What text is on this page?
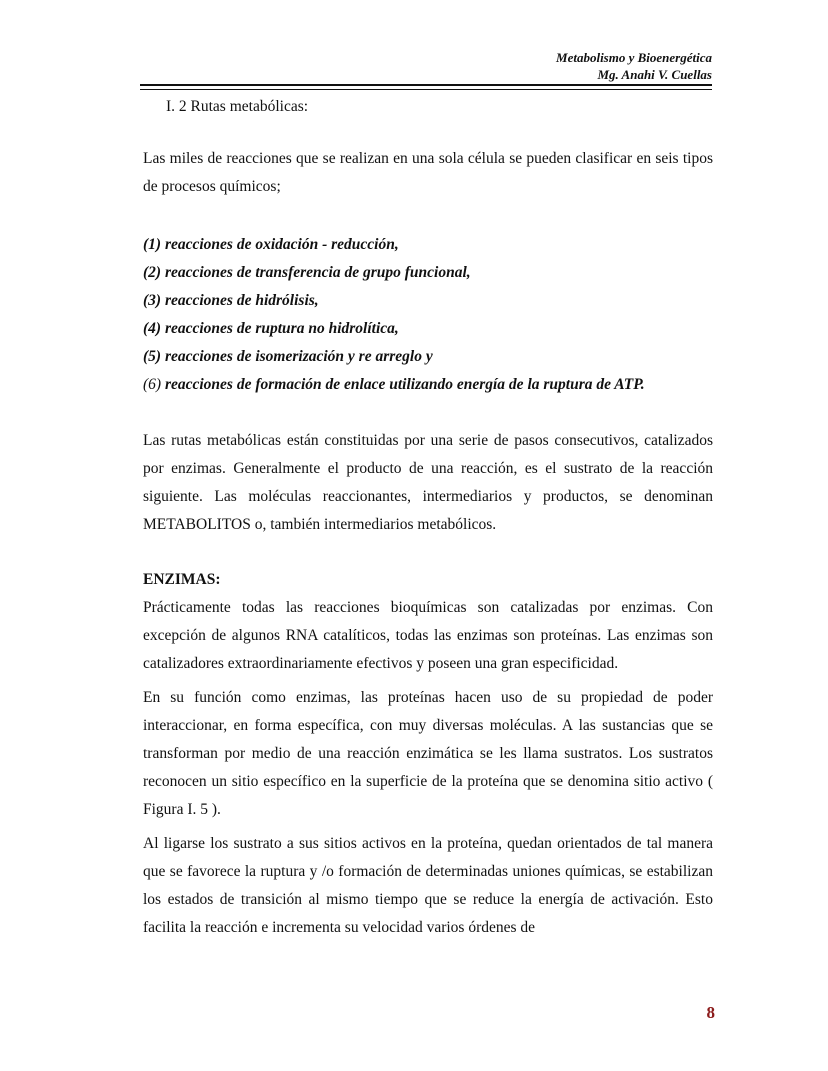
Metabolismo y Bioenergética
Mg. Anahi V. Cuellas

I. 2 Rutas metabólicas:

Las miles de reacciones que se realizan en una sola célula se pueden clasificar en seis tipos de procesos químicos;

(1) reacciones de oxidación - reducción,
(2) reacciones de transferencia de grupo funcional,
(3) reacciones de hidrólisis,
(4) reacciones de ruptura no hidrolítica,
(5) reacciones de isomerización y re arreglo y
(6) reacciones de formación de enlace utilizando energía de la ruptura de ATP.

Las rutas metabólicas están constituidas por una serie de pasos consecutivos, catalizados por enzimas. Generalmente el producto de una reacción, es el sustrato de la reacción siguiente. Las moléculas reaccionantes, intermediarios y productos, se denominan METABOLITOS o, también intermediarios metabólicos.

ENZIMAS:

Prácticamente todas las reacciones bioquímicas son catalizadas por enzimas. Con excepción de algunos RNA catalíticos, todas las enzimas son proteínas. Las enzimas son catalizadores extraordinariamente efectivos y poseen una gran especificidad.

En su función como enzimas, las proteínas hacen uso de su propiedad de poder interaccionar, en forma específica, con muy diversas moléculas. A las sustancias que se transforman por medio de una reacción enzimática se les llama sustratos. Los sustratos reconocen un sitio específico en la superficie de la proteína que se denomina sitio activo ( Figura I. 5 ).

Al ligarse los sustrato a sus sitios activos en la proteína, quedan orientados de tal manera que se favorece la ruptura y /o formación de determinadas uniones químicas, se estabilizan los estados de transición al mismo tiempo que se reduce la energía de activación. Esto facilita la reacción e incrementa su velocidad varios órdenes de

8
